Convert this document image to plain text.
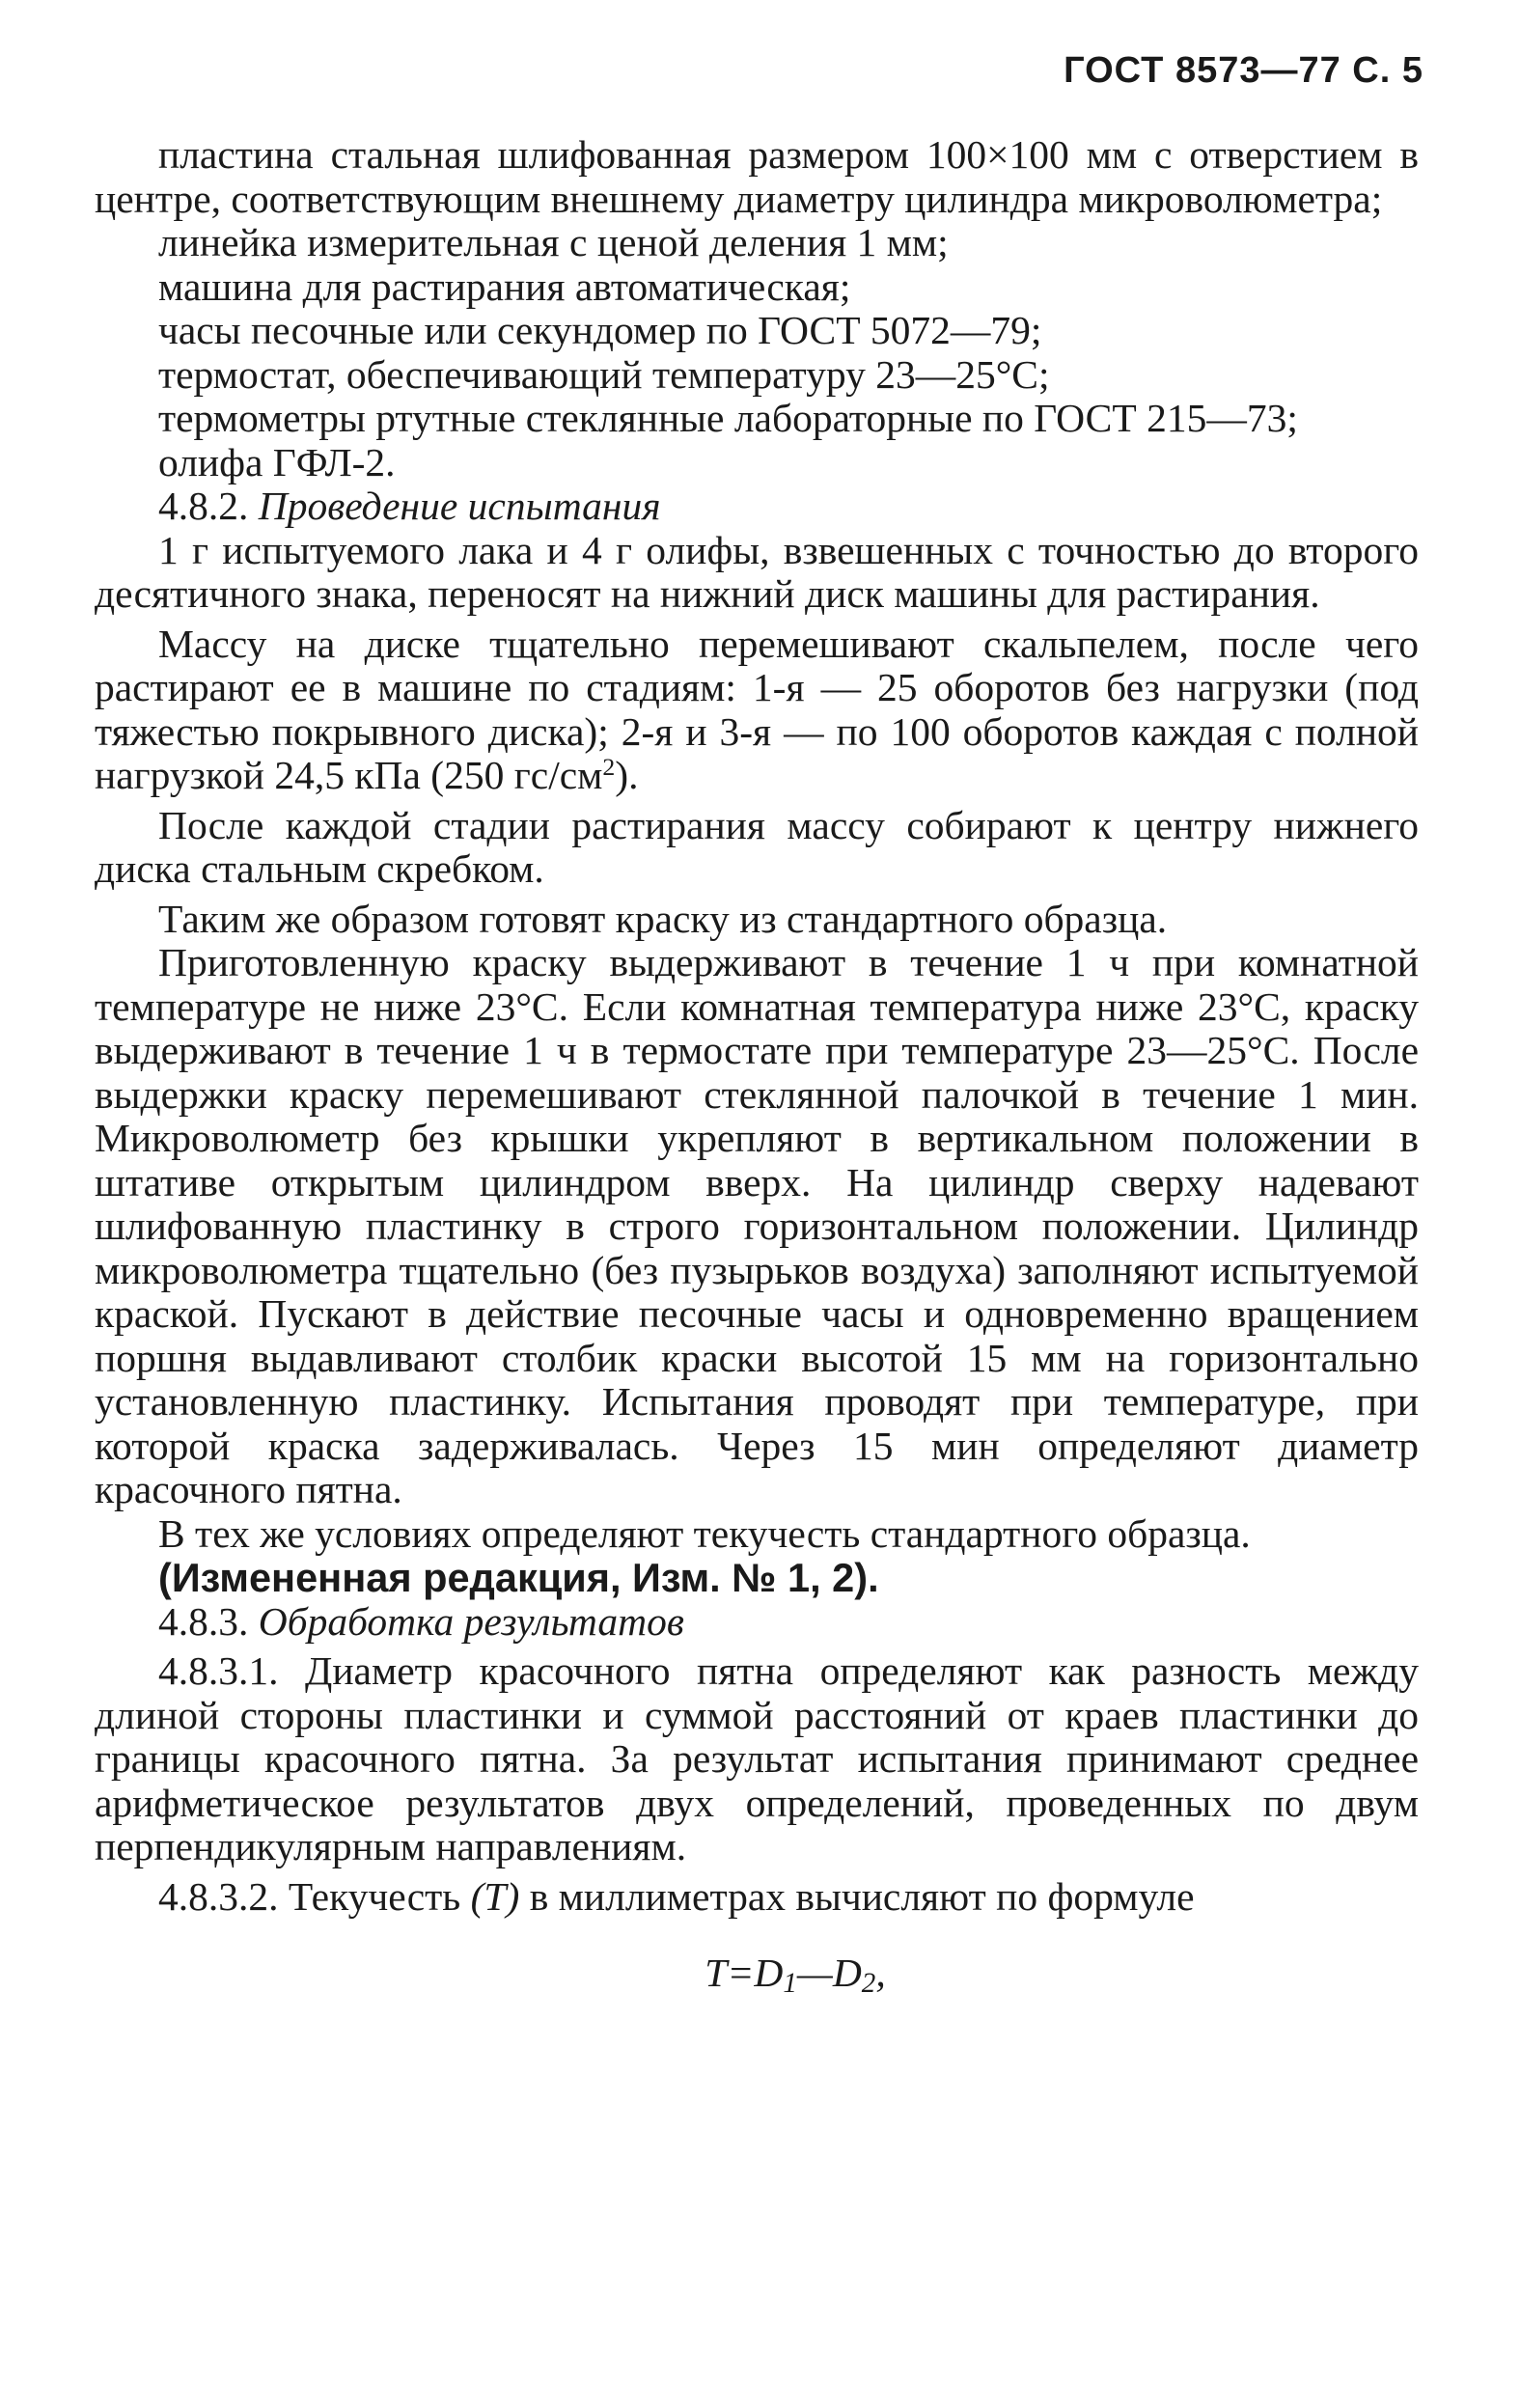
ГОСТ 8573—77 С. 5

пластина стальная шлифованная размером 100×100 мм с отверстием в центре, соответствующим внешнему диаметру цилиндра микроволюметра;

линейка измерительная с ценой деления 1 мм;

машина для растирания автоматическая;

часы песочные или секундомер по ГОСТ 5072—79;

термостат, обеспечивающий температуру 23—25°С;

термометры ртутные стеклянные лабораторные по ГОСТ 215—73;

олифа ГФЛ-2.

4.8.2. Проведение испытания

1 г испытуемого лака и 4 г олифы, взвешенных с точностью до второго десятичного знака, переносят на нижний диск машины для растирания.

Массу на диске тщательно перемешивают скальпелем, после чего растирают ее в машине по стадиям: 1-я — 25 оборотов без нагрузки (под тяжестью покрывного диска); 2-я и 3-я — по 100 оборотов каждая с полной нагрузкой 24,5 кПа (250 $гс/см^2$).

После каждой стадии растирания массу собирают к центру нижнего диска стальным скребком.

Таким же образом готовят краску из стандартного образца.

Приготовленную краску выдерживают в течение 1 ч при комнатной температуре не ниже 23°С. Если комнатная температура ниже 23°С, краску выдерживают в течение 1 ч в термостате при температуре 23—25°С. После выдержки краску перемешивают стеклянной палочкой в течение 1 мин. Микроволюметр без крышки укрепляют в вертикальном положении в штативе открытым цилиндром вверх. На цилиндр сверху надевают шлифованную пластинку в строго горизонтальном положении. Цилиндр микроволюметра тщательно (без пузырьков воздуха) заполняют испытуемой краской. Пускают в действие песочные часы и одновременно вращением поршня выдавливают столбик краски высотой 15 мм на горизонтально установленную пластинку. Испытания проводят при температуре, при которой краска задерживалась. Через 15 мин определяют диаметр красочного пятна.

В тех же условиях определяют текучесть стандартного образца.

(Измененная редакция, Изм. № 1, 2).

4.8.3. Обработка результатов

4.8.3.1. Диаметр красочного пятна определяют как разность между длиной стороны пластинки и суммой расстояний от краев пластинки до границы красочного пятна. За результат испытания принимают среднее арифметическое результатов двух определений, проведенных по двум перпендикулярным направлениям.

4.8.3.2. Текучесть (T) в миллиметрах вычисляют по формуле

$T=D_1—D_2$,
